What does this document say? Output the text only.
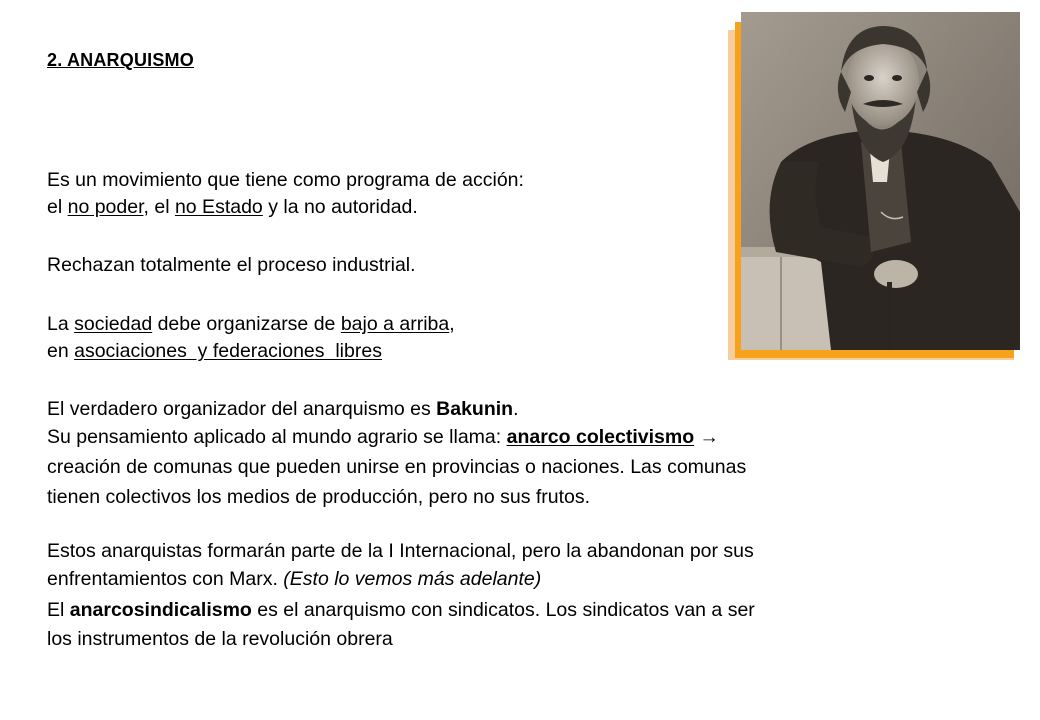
2. ANARQUISMO
Es un movimiento que tiene como programa de acción:
el no poder, el no Estado y la no autoridad.
Rechazan totalmente el proceso industrial.
La sociedad debe organizarse de bajo a arriba,
en asociaciones  y federaciones  libres
El verdadero organizador del anarquismo es Bakunin.
Su pensamiento aplicado al mundo agrario se llama: anarco colectivismo →
creación de comunas que pueden unirse en provincias o naciones. Las comunas
tienen colectivos los medios de producción, pero no sus frutos.
Estos anarquistas formarán parte de la I Internacional, pero la abandonan por sus
enfrentamientos con Marx. (Esto lo vemos más adelante)
El anarcosindicalismo es el anarquismo con sindicatos. Los sindicatos van a ser
los instrumentos de la revolución obrera
